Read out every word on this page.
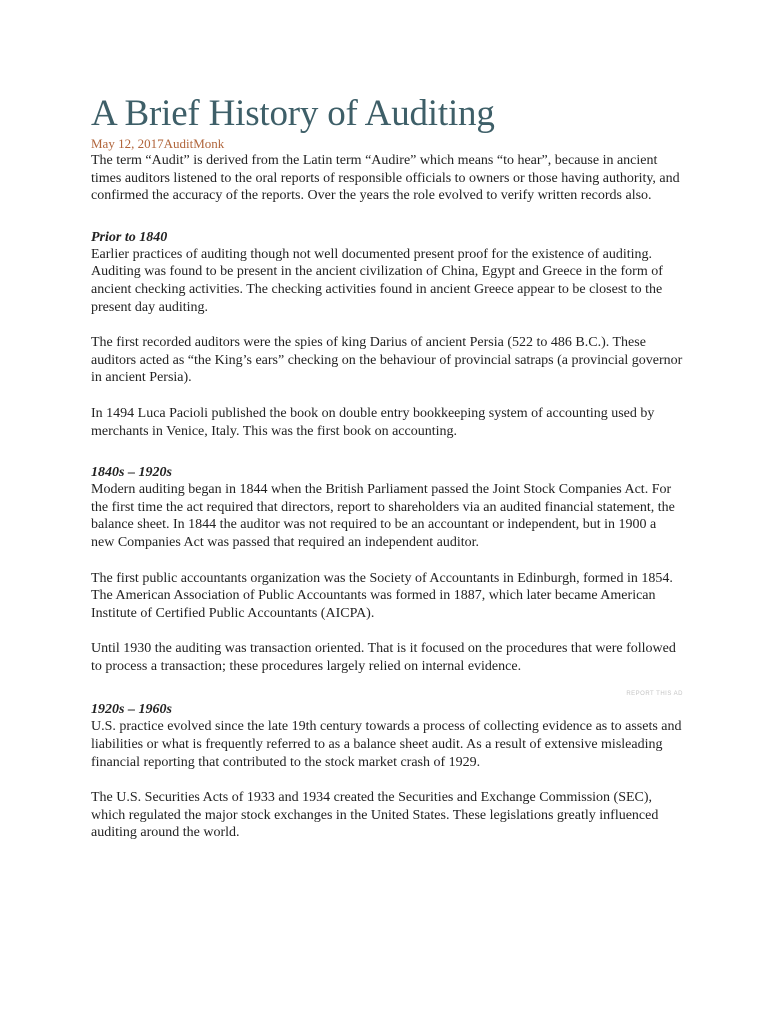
A Brief History of Auditing

May 12, 2017AuditMonk

The term “Audit” is derived from the Latin term “Audire” which means “to hear”, because in ancient times auditors listened to the oral reports of responsible officials to owners or those having authority, and confirmed the accuracy of the reports. Over the years the role evolved to verify written records also.

Prior to 1840

Earlier practices of auditing though not well documented present proof for the existence of auditing. Auditing was found to be present in the ancient civilization of China, Egypt and Greece in the form of ancient checking activities. The checking activities found in ancient Greece appear to be closest to the present day auditing.

The first recorded auditors were the spies of king Darius of ancient Persia (522 to 486 B.C.). These auditors acted as “the King’s ears” checking on the behaviour of provincial satraps (a provincial governor in ancient Persia).

In 1494 Luca Pacioli published the book on double entry bookkeeping system of accounting used by merchants in Venice, Italy. This was the first book on accounting.

1840s – 1920s

Modern auditing began in 1844 when the British Parliament passed the Joint Stock Companies Act. For the first time the act required that directors, report to shareholders via an audited financial statement, the balance sheet. In 1844 the auditor was not required to be an accountant or independent, but in 1900 a new Companies Act was passed that required an independent auditor.

The first public accountants organization was the Society of Accountants in Edinburgh, formed in 1854. The American Association of Public Accountants was formed in 1887, which later became American Institute of Certified Public Accountants (AICPA).

Until 1930 the auditing was transaction oriented. That is it focused on the procedures that were followed to process a transaction; these procedures largely relied on internal evidence.

REPORT THIS AD
1920s – 1960s

U.S. practice evolved since the late 19th century towards a process of collecting evidence as to assets and liabilities or what is frequently referred to as a balance sheet audit. As a result of extensive misleading financial reporting that contributed to the stock market crash of 1929.

The U.S. Securities Acts of 1933 and 1934 created the Securities and Exchange Commission (SEC), which regulated the major stock exchanges in the United States. These legislations greatly influenced auditing around the world.
